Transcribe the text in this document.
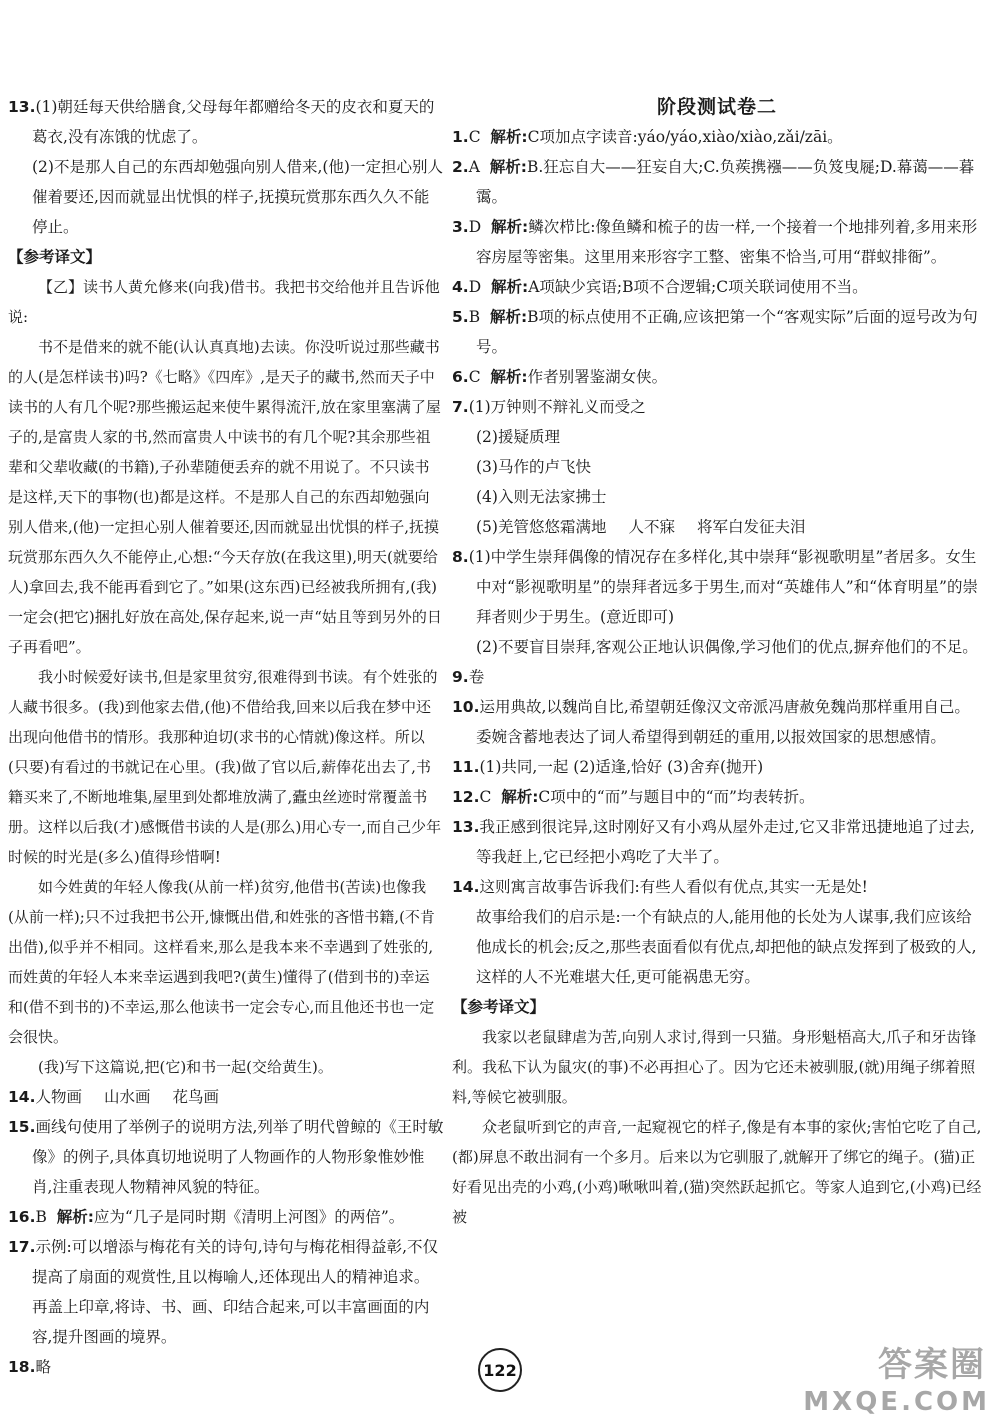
13.(1)朝廷每天供给膳食,父母每年都赠给冬天的皮衣和夏天的葛衣,没有冻饿的忧虑了。

(2)不是那人自己的东西却勉强向别人借来,(他)一定担心别人催着要还,因而就显出忧惧的样子,抚摸玩赏那东西久久不能停止。

【参考译文】

【乙】读书人黄允修来(向我)借书。我把书交给他并且告诉他说:

书不是借来的就不能(认认真真地)去读。你没听说过那些藏书的人(是怎样读书)吗?《七略》《四库》,是天子的藏书,然而天子中读书的人有几个呢?那些搬运起来使牛累得流汗,放在家里塞满了屋子的,是富贵人家的书,然而富贵人中读书的有几个呢?其余那些祖辈和父辈收藏(的书籍),子孙辈随便丢弃的就不用说了。不只读书是这样,天下的事物(也)都是这样。不是那人自己的东西却勉强向别人借来,(他)一定担心别人催着要还,因而就显出忧惧的样子,抚摸玩赏那东西久久不能停止,心想:“今天存放(在我这里),明天(就要给人)拿回去,我不能再看到它了。”如果(这东西)已经被我所拥有,(我)一定会(把它)捆扎好放在高处,保存起来,说一声“姑且等到另外的日子再看吧”。

我小时候爱好读书,但是家里贫穷,很难得到书读。有个姓张的人藏书很多。(我)到他家去借,(他)不借给我,回来以后我在梦中还出现向他借书的情形。我那种迫切(求书的心情就)像这样。所以(只要)有看过的书就记在心里。(我)做了官以后,薪俸花出去了,书籍买来了,不断地堆集,屋里到处都堆放满了,蠹虫丝迹时常覆盖书册。这样以后我(才)感慨借书读的人是(那么)用心专一,而自己少年时候的时光是(多么)值得珍惜啊!

如今姓黄的年轻人像我(从前一样)贫穷,他借书(苦读)也像我(从前一样);只不过我把书公开,慷慨出借,和姓张的吝惜书籍,(不肯出借),似乎并不相同。这样看来,那么是我本来不幸遇到了姓张的,而姓黄的年轻人本来幸运遇到我吧?(黄生)懂得了(借到书的)幸运和(借不到书的)不幸运,那么他读书一定会专心,而且他还书也一定会很快。

(我)写下这篇说,把(它)和书一起(交给黄生)。

14.人物画 山水画 花鸟画

15.画线句使用了举例子的说明方法,列举了明代曾鲸的《王时敏像》的例子,具体真切地说明了人物画作的人物形象惟妙惟肖,注重表现人物精神风貌的特征。

16.B 解析:应为“几子是同时期《清明上河图》的两倍”。

17.示例:可以增添与梅花有关的诗句,诗句与梅花相得益彰,不仅提高了扇面的观赏性,且以梅喻人,还体现出人的精神追求。再盖上印章,将诗、书、画、印结合起来,可以丰富画面的内容,提升图画的境界。

18.略

阶段测试卷二

1.C 解析:C项加点字读音:yáo/yáo,xiào/xiào,zǎi/zāi。

2.A 解析:B.狂忘自大——狂妄自大;C.负蒺携襁——负笈曳屣;D.幕蔼——暮霭。

3.D 解析:鳞次栉比:像鱼鳞和梳子的齿一样,一个接着一个地排列着,多用来形容房屋等密集。这里用来形容字工整、密集不恰当,可用“群蚁排衙”。

4.D 解析:A项缺少宾语;B项不合逻辑;C项关联词使用不当。

5.B 解析:B项的标点使用不正确,应该把第一个“客观实际”后面的逗号改为句号。

6.C 解析:作者别署鉴湖女侠。

7.(1)万钟则不辩礼义而受之

(2)援疑质理

(3)马作的卢飞快

(4)入则无法家拂士

(5)羌管悠悠霜满地 人不寐 将军白发征夫泪

8.(1)中学生崇拜偶像的情况存在多样化,其中崇拜“影视歌明星”者居多。女生中对“影视歌明星”的崇拜者远多于男生,而对“英雄伟人”和“体育明星”的崇拜者则少于男生。(意近即可)

(2)不要盲目崇拜,客观公正地认识偶像,学习他们的优点,摒弃他们的不足。

9.卷

10.运用典故,以魏尚自比,希望朝廷像汉文帝派冯唐赦免魏尚那样重用自己。委婉含蓄地表达了词人希望得到朝廷的重用,以报效国家的思想感情。

11.(1)共同,一起 (2)适逢,恰好 (3)舍弃(抛开)

12.C 解析:C项中的“而”与题目中的“而”均表转折。

13.我正感到很诧异,这时刚好又有小鸡从屋外走过,它又非常迅捷地追了过去,等我赶上,它已经把小鸡吃了大半了。

14.这则寓言故事告诉我们:有些人看似有优点,其实一无是处!

故事给我们的启示是:一个有缺点的人,能用他的长处为人谋事,我们应该给他成长的机会;反之,那些表面看似有优点,却把他的缺点发挥到了极致的人,这样的人不光难堪大任,更可能祸患无穷。

【参考译文】

我家以老鼠肆虐为苦,向别人求讨,得到一只猫。身形魁梧高大,爪子和牙齿锋利。我私下认为鼠灾(的事)不必再担心了。因为它还未被驯服,(就)用绳子绑着照料,等候它被驯服。

众老鼠听到它的声音,一起窥视它的样子,像是有本事的家伙;害怕它吃了自己,(都)屏息不敢出洞有一个多月。后来以为它驯服了,就解开了绑它的绳子。(猫)正好看见出壳的小鸡,(小鸡)啾啾叫着,(猫)突然跃起抓它。等家人追到它,(小鸡)已经被

122	答案圈
MXQE.COM
